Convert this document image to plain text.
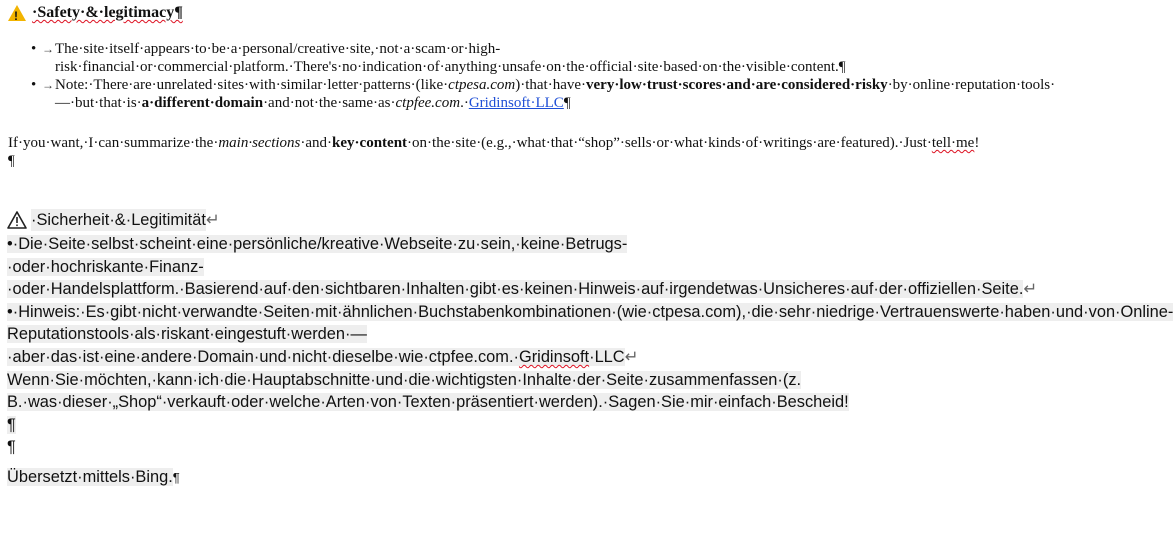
!
·Safety·&·legitimacy¶
• → The·site·itself·appears·to·be·a·personal/creative·site,·not·a·scam·or·high-risk·financial·or·commercial·platform.·There's·no·indication·of·anything·unsafe·on·the·official·site·based·on·the·visible·content.¶
• → Note:·There·are·unrelated·sites·with·similar·letter·patterns·(like·ctpesa.com)·that·have·very·low·trust·scores·and·are·considered·risky·by·online·reputation·tools·—·but·that·is·a·different·domain·and·not·the·same·as·ctpfee.com.·Gridinsoft·LLC¶
If·you·want,·I·can·summarize·the·main·sections·and·key·content·on·the·site·(e.g.,·what·that·“shop”·sells·or·what·kinds·of·writings·are·featured).·Just·tell·me!¶
·Sicherheit·&·Legitimität ↵

•·Die·Seite·selbst·scheint·eine·persönliche/kreative·Webseite·zu·sein,·keine·Betrugs-·oder·hochriskante·Finanz-·oder·Handelsplattform.·Basierend·auf·den·sichtbaren·Inhalten·gibt·es·keinen·Hinweis·auf·irgendetwas·Unsicheres·auf·der·offiziellen·Seite.↵

•·Hinweis:·Es·gibt·nicht·verwandte·Seiten·mit·ähnlichen·Buchstabenkombinationen·(wie·ctpesa.com),·die·sehr·niedrige·Vertrauenswerte·haben·und·von·Online-Reputationstools·als·riskant·eingestuft·werden·—·aber·das·ist·eine·andere·Domain·und·nicht·dieselbe·wie·ctpfee.com.·Gridinsoft·LLC↵

Wenn·Sie·möchten,·kann·ich·die·Hauptabschnitte·und·die·wichtigsten·Inhalte·der·Seite·zusammenfassen·(z. B.·was·dieser·„Shop“·verkauft·oder·welche·Arten·von·Texten·präsentiert·werden).·Sagen·Sie·mir·einfach·Bescheid!¶

¶

Übersetzt·mittels·Bing.¶
